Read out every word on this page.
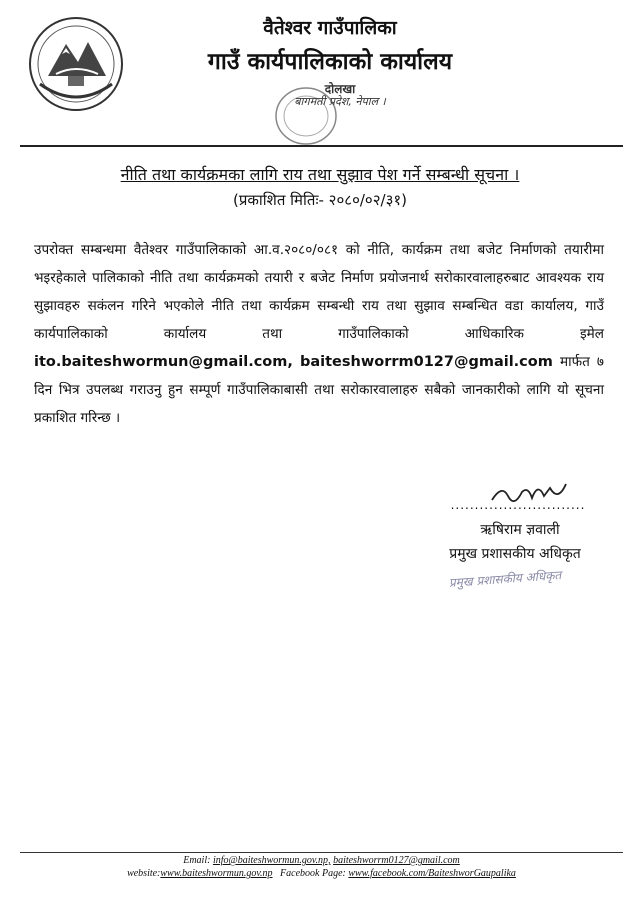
वैतेश्वर गाउँपालिका
गाउँ कार्यपालिकाको कार्यालय
दोलखा
बागमती प्रदेश, नेपाल ।
नीति तथा कार्यक्रमका लागि राय तथा सुझाव पेश गर्ने सम्बन्धी सूचना ।
(प्रकाशित मितिः- २०८०/०२/३१)
उपरोक्त सम्बन्धमा वैतेश्वर गाउँपालिकाको आ.व.२०८०/०८१ को नीति, कार्यक्रम तथा बजेट निर्माणको तयारीमा भइरहेकाले पालिकाको नीति तथा कार्यक्रमको तयारी र बजेट निर्माण प्रयोजनार्थ सरोकारवालाहरुबाट आवश्यक राय सुझावहरु सकंलन गरिने भएकोले नीति तथा कार्यक्रम सम्बन्धी राय तथा सुझाव सम्बन्धित वडा कार्यालय, गाउँ कार्यपालिकाको कार्यालय तथा गाउँपालिकाको आधिकारिक इमेल ito.baiteshwormun@gmail.com, baiteshworrm0127@gmail.com मार्फत ७ दिन भित्र उपलब्ध गराउनु हुन सम्पूर्ण गाउँपालिकाबासी तथा सरोकारवालाहरु सबैको जानकारीको लागि यो सूचना प्रकाशित गरिन्छ ।
............................
ऋषिराम ज्ञवाली
प्रमुख प्रशासकीय अधिकृत
प्रमुख प्रशासकीय अधिकृत
Email: info@baiteshwormun.gov.np, baiteshworrm0127@gmail.com
website:www.baiteshwormun.gov.np Facebook Page: www.facebook.com/BaiteshworGaupalika
